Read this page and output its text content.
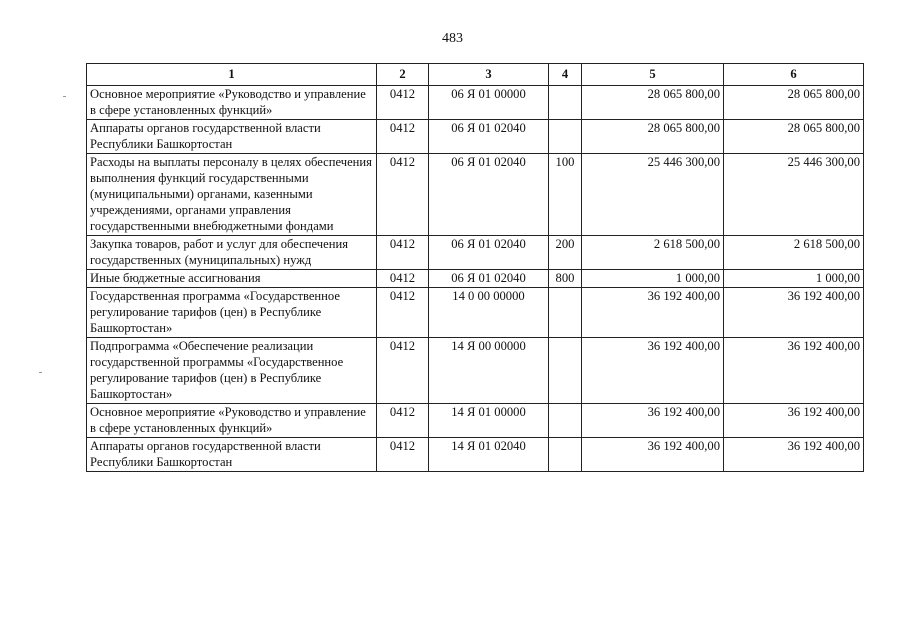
483
1	2	3	4	5	6
Основное мероприятие «Руководство и управление в сфере установленных функций»	0412	06 Я 01 00000		28 065 800,00	28 065 800,00
Аппараты органов государственной власти Республики Башкортостан	0412	06 Я 01 02040		28 065 800,00	28 065 800,00
Расходы на выплаты персоналу в целях обеспечения выполнения функций государственными (муниципальными) органами, казенными учреждениями, органами управления государственными внебюджетными фондами	0412	06 Я 01 02040	100	25 446 300,00	25 446 300,00
Закупка товаров, работ и услуг для обеспечения государственных (муниципальных) нужд	0412	06 Я 01 02040	200	2 618 500,00	2 618 500,00
Иные бюджетные ассигнования	0412	06 Я 01 02040	800	1 000,00	1 000,00
Государственная программа «Государственное регулирование тарифов (цен) в Республике Башкортостан»	0412	14 0 00 00000		36 192 400,00	36 192 400,00
Подпрограмма «Обеспечение реализации государственной программы «Государственное регулирование тарифов (цен) в Республике Башкортостан»	0412	14 Я 00 00000		36 192 400,00	36 192 400,00
Основное мероприятие «Руководство и управление в сфере установленных функций»	0412	14 Я 01 00000		36 192 400,00	36 192 400,00
Аппараты органов государственной власти Республики Башкортостан	0412	14 Я 01 02040		36 192 400,00	36 192 400,00
